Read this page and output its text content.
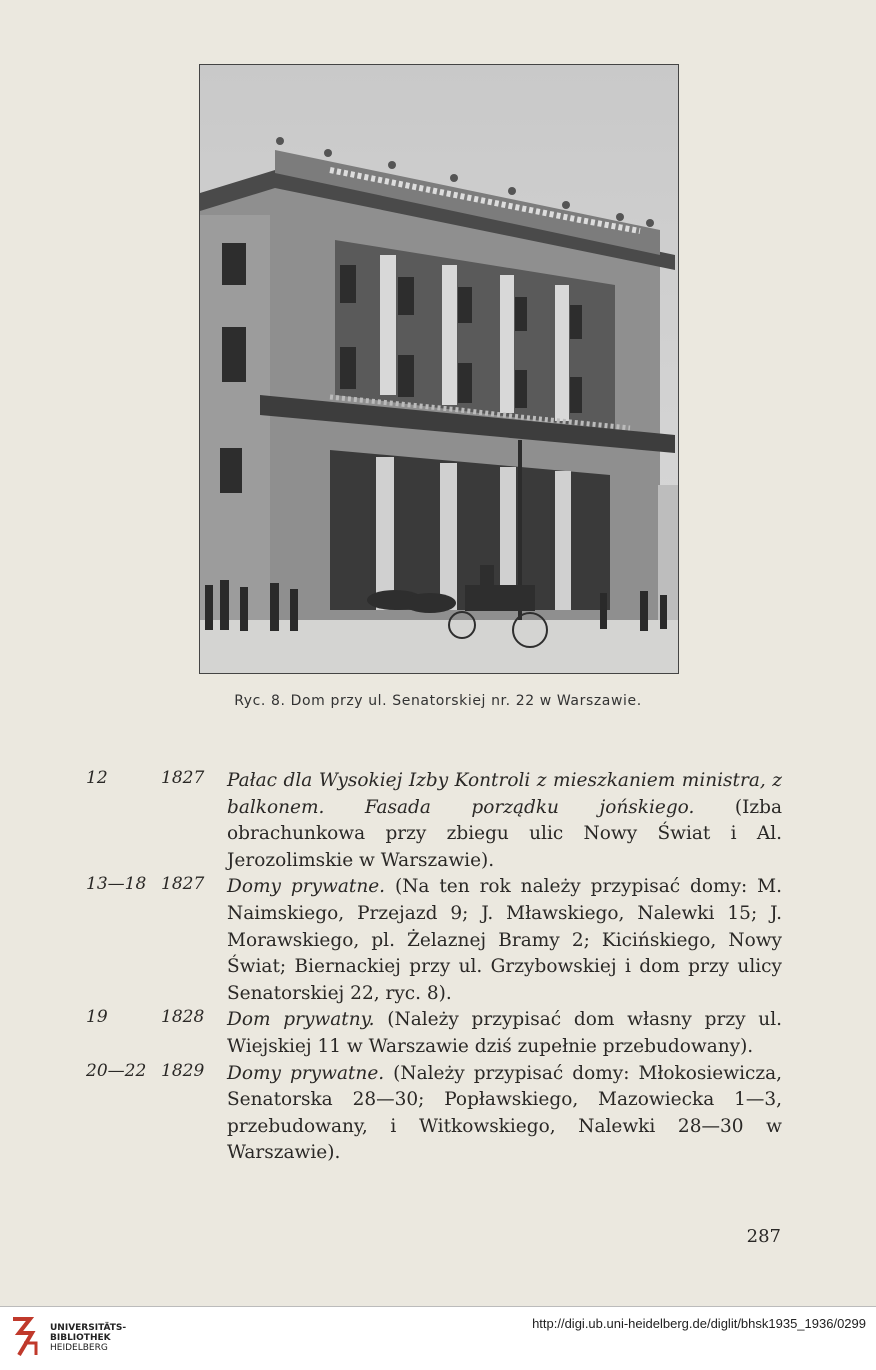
Ryc. 8. Dom przy ul. Senatorskiej nr. 22 w Warszawie.
12	1827	Pałac dla Wysokiej Izby Kontroli z mieszkaniem ministra, z balkonem. Fasada porządku jońskiego. (Izba obrachunkowa przy zbiegu ulic Nowy Świat i Al. Jerozolimskie w Warszawie).
13—18 1827	Domy prywatne. (Na ten rok należy przypisać domy: M. Naimskiego, Przejazd 9; J. Mławskiego, Nalewki 15; J. Morawskiego, pl. Żelaznej Bramy 2; Kicińskiego, Nowy Świat; Biernackiej przy ul. Grzybowskiej i dom przy ulicy Senatorskiej 22, ryc. 8).
19	1828	Dom prywatny. (Należy przypisać dom własny przy ul. Wiejskiej 11 w Warszawie dziś zupełnie przebudowany).
20—22 1829	Domy prywatne. (Należy przypisać domy: Młokosiewicza, Senatorska 28—30; Popławskiego, Mazowiecka 1—3, przebudowany, i Witkowskiego, Nalewki 28—30 w Warszawie).
287
UNIVERSITÄTS-
BIBLIOTHEK
HEIDELBERG
http://digi.ub.uni-heidelberg.de/diglit/bhsk1935_1936/0299
